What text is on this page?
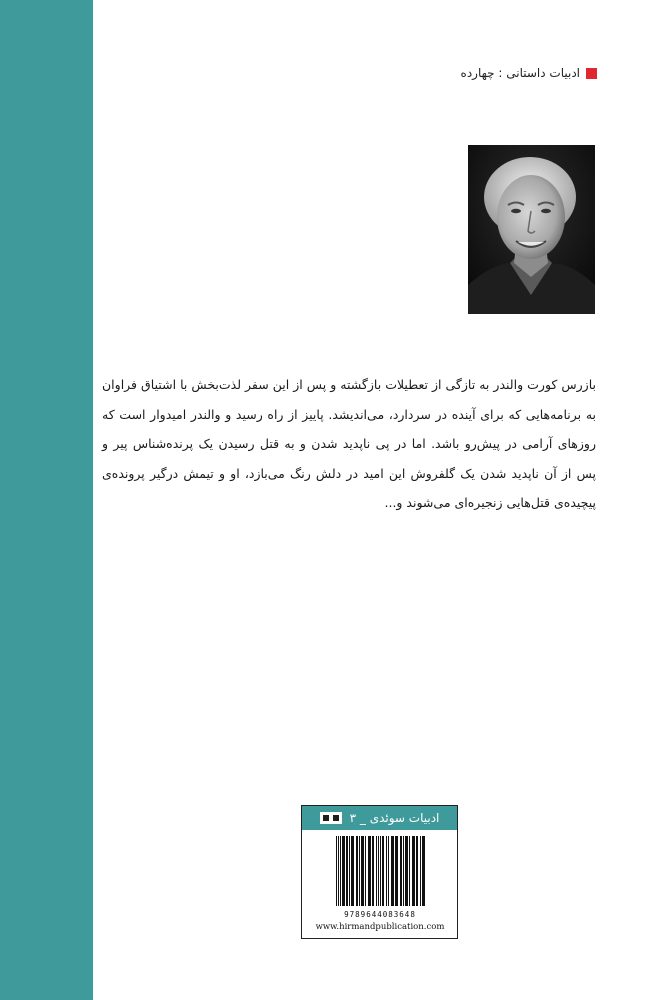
ادبیات داستانی : چهارده

بازرس کورت والندر به تازگی از تعطیلات بازگشته و پس از این سفر لذت‌بخش با اشتیاق فراوان به برنامه‌هایی که برای آینده در سردارد، می‌اندیشد. پاییز از راه رسید و والندر امیدوار است که روزهای آرامی در پیش‌رو باشد. اما در پی ناپدید شدن و به قتل رسیدن یک پرنده‌شناس پیر و پس از آن ناپدید شدن یک گلفروش این امید در دلش رنگ می‌بازد، او و تیمش درگیر پرونده‌ی پیچیده‌ی قتل‌هایی زنجیره‌ای می‌شوند و...

ادبیات سوئدی _ ۳
9789644083648
www.hirmandpublication.com
